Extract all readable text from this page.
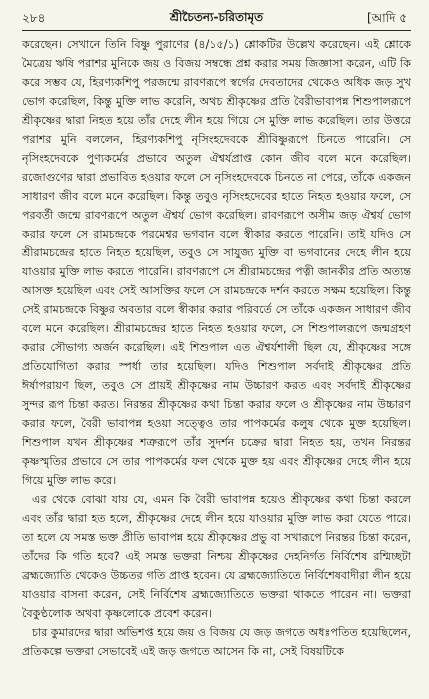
২৮৪	শ্রীচৈতন্য-চরিতামৃত	[আদি ৫

করেছেন। সেখানে তিনি বিষ্ণু পুরাণের (৪/১৫/১) শ্লোকটির উল্লেখ করেছেন। এই শ্লোকে মৈত্রেয় ঋষি পরাশর মুনিকে জয় ও বিজয় সম্বন্ধে প্রশ্ন করার সময় জিজ্ঞাসা করেন, এটি কি করে সম্ভব যে, হিরণ্যকশিপু পরজন্মে রাবণরূপে স্বর্গের দেবতাদের থেকেও অধিক জড় সুখ ভোগ করেছিল, কিন্তু মুক্তি লাভ করেনি, অথচ শ্রীকৃষ্ণের প্রতি বৈরীভাবাপন্ন শিশুপালরূপে শ্রীকৃষ্ণের দ্বারা নিহত হয়ে তাঁর দেহে লীন হয়ে গিয়ে সে মুক্তি লাভ করেছিল। তার উত্তরে পরাশর মুনি বললেন, হিরণ্যকশিপু নৃসিংহদেবকে শ্রীবিষ্ণুরূপে চিনতে পারেনি। সে নৃসিংহদেবকে পুণ্যকর্মের প্রভাবে অতুল ঐশ্বর্যপ্রাপ্ত কোন জীব বলে মনে করেছিল। রজোগুণের দ্বারা প্রভাবিত হওয়ার ফলে সে নৃসিংহদেবকে চিনতে না পেরে, তাঁকে একজন সাধারণ জীব বলে মনে করেছিল। কিন্তু তবুও নৃসিংহদেবের হাতে নিহত হওয়ার ফলে, সে পরবর্তী জন্মে রাবণরূপে অতুল ঐশ্বর্য ভোগ করেছিল। রাবণরূপে অসীম জড় ঐশ্বর্য ভোগ করার ফলে সে রামচন্দ্রকে পরমেশ্বর ভগবান বলে স্বীকার করতে পারেনি। তাই যদিও সে শ্রীরামচন্দ্রের হাতে নিহত হয়েছিল, তবুও সে সাযুজ্য মুক্তি বা ভগবানের দেহে লীন হয়ে যাওয়ার মুক্তি লাভ করতে পারেনি। রাবণরূপে সে শ্রীরামচন্দ্রের পত্নী জানকীর প্রতি অত্যন্ত আসক্ত হয়েছিল এবং সেই আসক্তির ফলে সে রামচন্দ্রকে দর্শন করতে সক্ষম হয়েছিল। কিন্তু সেই রামচন্দ্রকে বিষ্ণুর অবতার বলে স্বীকার করার পরিবর্তে সে তাঁকে একজন সাধারণ জীব বলে মনে করেছিল। শ্রীরামচন্দ্রের হাতে নিহত হওয়ার ফলে, সে শিশুপালরূপে জন্মগ্রহণ করার সৌভাগ্য অর্জন করেছিল। এই শিশুপাল এত ঐশ্বর্যশালী ছিল যে, শ্রীকৃষ্ণের সঙ্গে প্রতিযোগিতা করার স্পর্ধা তার হয়েছিল। যদিও শিশুপাল সর্বদাই শ্রীকৃষ্ণের প্রতি ঈর্ষাপরায়ণ ছিল, তবুও সে প্রায়ই শ্রীকৃষ্ণের নাম উচ্চারণ করত এবং সর্বদাই শ্রীকৃষ্ণের সুন্দর রূপ চিন্তা করত। নিরন্তর শ্রীকৃষ্ণের কথা চিন্তা করার ফলে ও শ্রীকৃষ্ণের নাম উচ্চারণ করার ফলে, বৈরী ভাবাপন্ন হওয়া সত্ত্বেও তার পাপকর্মের কলুষ থেকে মুক্ত হয়েছিল। শিশুপাল যখন শ্রীকৃষ্ণের শত্রুরূপে তাঁর সুদর্শন চক্রের দ্বারা নিহত হয়, তখন নিরন্তর কৃষ্ণস্মৃতির প্রভাবে সে তার পাপকর্মের ফল থেকে মুক্ত হয় এবং শ্রীকৃষ্ণের দেহে লীন হয়ে গিয়ে মুক্তি লাভ করে।

এর থেকে বোঝা যায় যে, এমন কি বৈরী ভাবাপন্ন হয়েও শ্রীকৃষ্ণের কথা চিন্তা করলে এবং তাঁর দ্বারা হত হলে, শ্রীকৃষ্ণের দেহে লীন হয়ে যাওয়ার মুক্তি লাভ করা যেতে পারে। তা হলে যে সমস্ত ভক্ত প্রীতি ভাবাপন্ন হয়ে শ্রীকৃষ্ণের প্রভু বা সখারূপে নিরন্তর চিন্তা করেন, তাঁদের কি গতি হবে? এই সমস্ত ভক্তরা নিশ্চয় শ্রীকৃষ্ণের দেহনির্গত নির্বিশেষ রশ্মিচ্ছটা ব্রহ্মজ্যোতি থেকেও উচ্চতর গতি প্রাপ্ত হবেন। যে ব্রহ্মজ্যোতিতে নির্বিশেষবাদীরা লীন হয়ে যাওয়ার বাসনা করেন, সেই নির্বিশেষ ব্রহ্মজ্যোতিতে ভক্তরা থাকতে পারেন না। ভক্তরা বৈকুণ্ঠলোক অথবা কৃষ্ণলোকে প্রবেশ করেন।

চার কুমারদের দ্বারা অভিশপ্ত হয়ে জয় ও বিজয় যে জড় জগতে অধঃপতিত হয়েছিলেন, প্রতিকল্পে ভক্তরা সেভাবেই এই জড় জগতে আসেন কি না, সেই বিষয়টিকে
